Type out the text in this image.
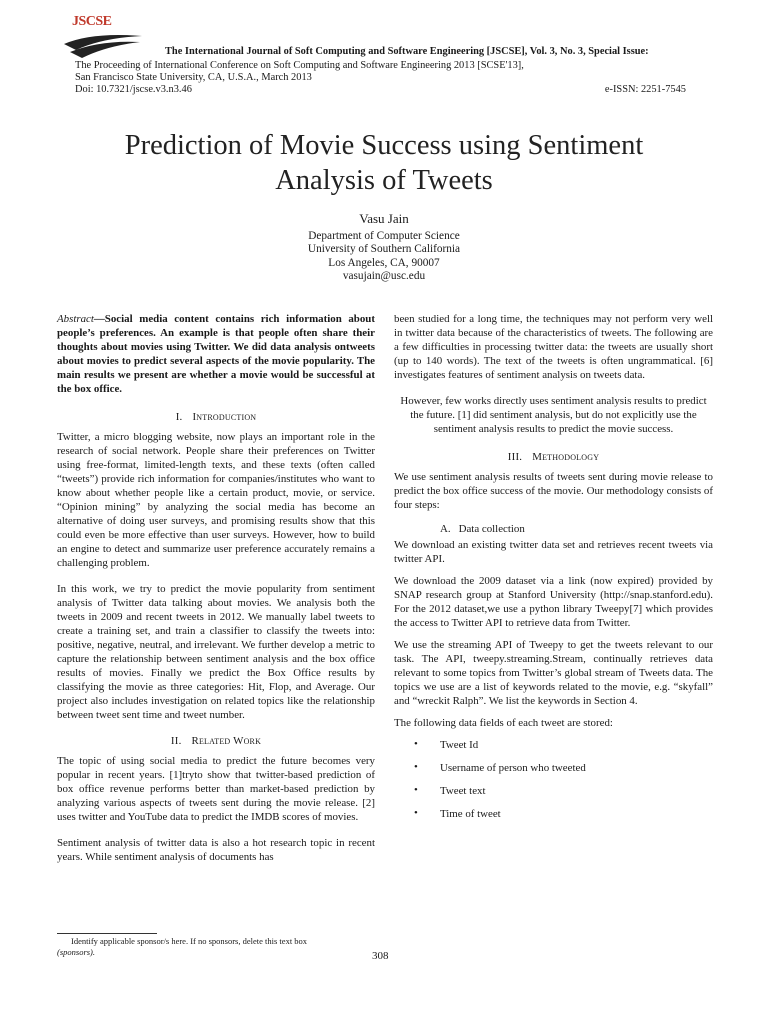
JSCSE
The International Journal of Soft Computing and Software Engineering [JSCSE], Vol. 3, No. 3, Special Issue:
The Proceeding of International Conference on Soft Computing and Software Engineering 2013 [SCSE'13],
San Francisco State University, CA, U.S.A., March 2013
Doi: 10.7321/jscse.v3.n3.46	e-ISSN: 2251-7545
Prediction of Movie Success using Sentiment
Analysis of Tweets
Vasu Jain
Department of Computer Science
University of Southern California
Los Angeles, CA, 90007
vasujain@usc.edu

Abstract—Social media content contains rich information about people’s preferences. An example is that people often share their thoughts about movies using Twitter. We did data analysis ontweets about movies to predict several aspects of the movie popularity. The main results we present are whether a movie would be successful at the box office.

I. Introduction

Twitter, a micro blogging website, now plays an important role in the research of social network. People share their preferences on Twitter using free-format, limited-length texts, and these texts (often called “tweets”) provide rich information for companies/institutes who want to know about whether people like a certain product, movie, or service. “Opinion mining” by analyzing the social media has become an alternative of doing user surveys, and promising results show that this could even be more effective than user surveys. However, how to build an engine to detect and summarize user preference accurately remains a challenging problem.

In this work, we try to predict the movie popularity from sentiment analysis of Twitter data talking about movies. We analysis both the tweets in 2009 and recent tweets in 2012. We manually label tweets to create a training set, and train a classifier to classify the tweets into: positive, negative, neutral, and irrelevant. We further develop a metric to capture the relationship between sentiment analysis and the box office results of movies. Finally we predict the Box Office results by classifying the movie as three categories: Hit, Flop, and Average. Our project also includes investigation on related topics like the relationship between tweet sent time and tweet number.

II. Related Work

The topic of using social media to predict the future becomes very popular in recent years. [1]tryto show that twitter-based prediction of box office revenue performs better than market-based prediction by analyzing various aspects of tweets sent during the movie release. [2] uses twitter and YouTube data to predict the IMDB scores of movies.

Sentiment analysis of twitter data is also a hot research topic in recent years. While sentiment analysis of documents has

been studied for a long time, the techniques may not perform very well in twitter data because of the characteristics of tweets. The following are a few difficulties in processing twitter data: the tweets are usually short (up to 140 words). The text of the tweets is often ungrammatical. [6] investigates features of sentiment analysis on tweets data.

However, few works directly uses sentiment analysis results to predict the future. [1] did sentiment analysis, but do not explicitly use the sentiment analysis results to predict the movie success.

III. Methodology

We use sentiment analysis results of tweets sent during movie release to predict the box office success of the movie. Our methodology consists of four steps:

A. Data collection

We download an existing twitter data set and retrieves recent tweets via twitter API.

We download the 2009 dataset via a link (now expired) provided by SNAP research group at Stanford University (http://snap.stanford.edu). For the 2012 dataset,we use a python library Tweepy[7] which provides the access to Twitter API to retrieve data from Twitter.

We use the streaming API of Tweepy to get the tweets relevant to our task. The API, tweepy.streaming.Stream, continually retrieves data relevant to some topics from Twitter’s global stream of Tweets data. The topics we use are a list of keywords related to the movie, e.g. “skyfall” and “wreckit Ralph”. We list the keywords in Section 4.

The following data fields of each tweet are stored:

• Tweet Id
• Username of person who tweeted
• Tweet text
• Time of tweet
Identify applicable sponsor/s here. If no sponsors, delete this text box
(sponsors).	308
